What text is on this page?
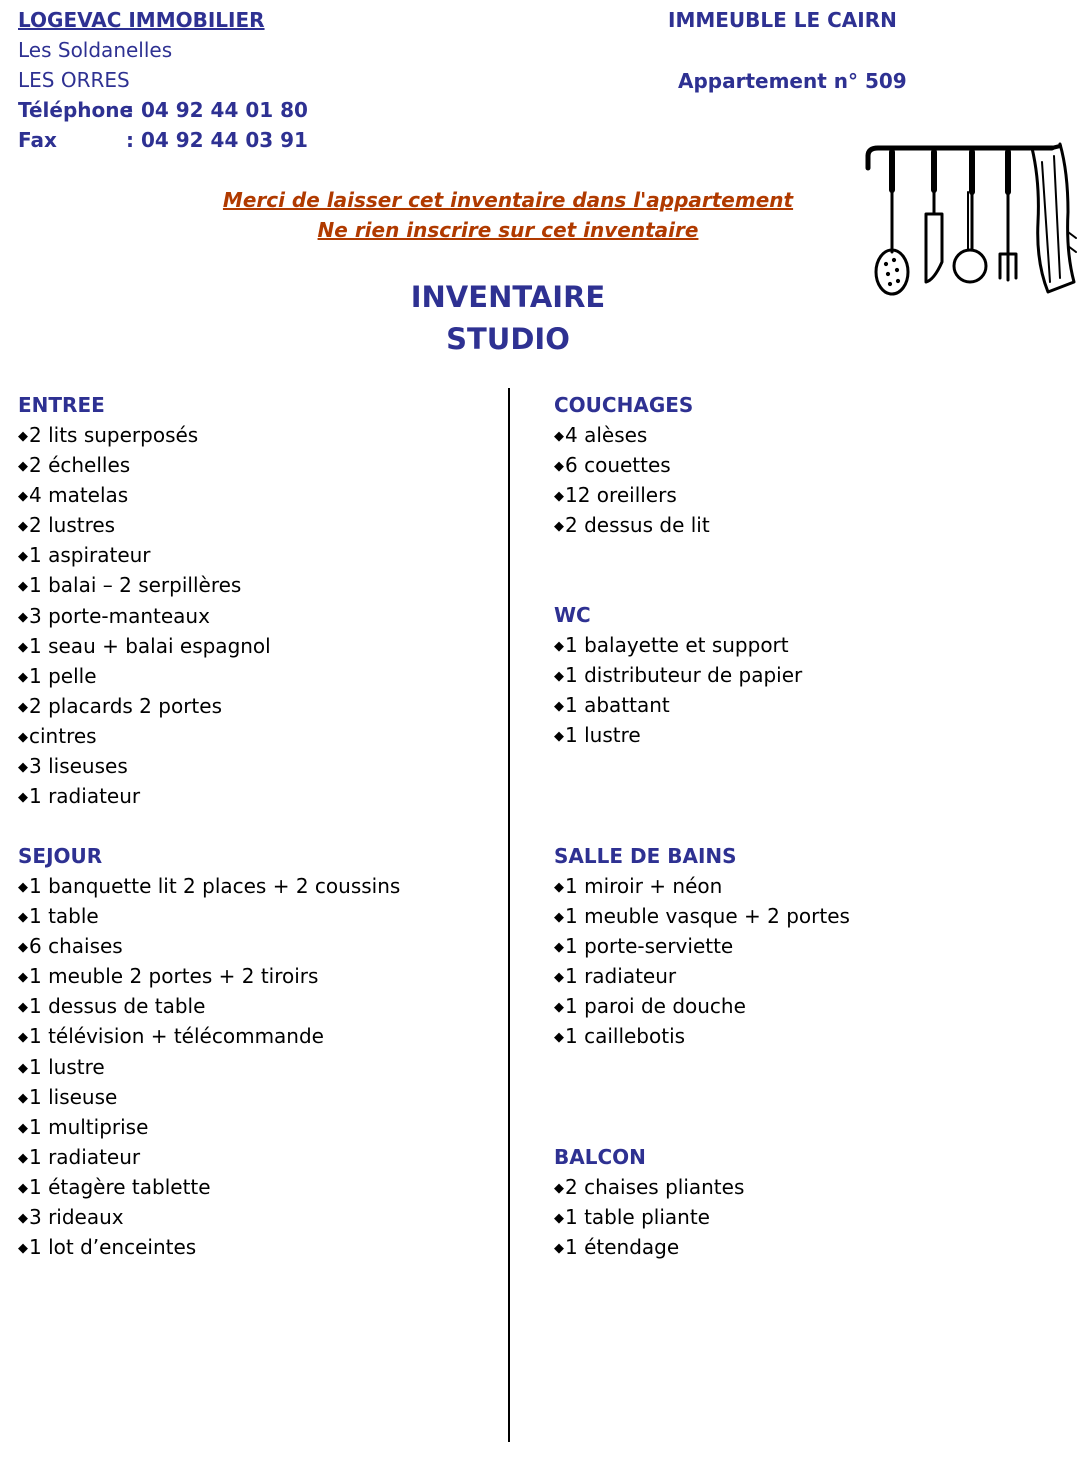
LOGEVAC IMMOBILIER
Les Soldanelles
LES ORRES
Téléphone: 04 92 44 01 80
Fax	: 04 92 44 03 91
IMMEUBLE LE CAIRN
Appartement n° 509
Merci de laisser cet inventaire dans l'appartement
Ne rien inscrire sur cet inventaire
INVENTAIRE
STUDIO
ENTREE
◆2 lits superposés
◆2 échelles
◆4 matelas
◆2 lustres
◆1 aspirateur
◆1 balai – 2 serpillères
◆3 porte-manteaux
◆1 seau + balai espagnol
◆1 pelle
◆2 placards 2 portes
◆cintres
◆3 liseuses
◆1 radiateur
SEJOUR
◆1 banquette lit 2 places + 2 coussins
◆1 table
◆6 chaises
◆1 meuble 2 portes + 2 tiroirs
◆1 dessus de table
◆1 télévision + télécommande
◆1 lustre
◆1 liseuse
◆1 multiprise
◆1 radiateur
◆1 étagère tablette
◆3 rideaux
◆1 lot d’enceintes
COUCHAGES
◆4 alèses
◆6 couettes
◆12 oreillers
◆2 dessus de lit
WC
◆1 balayette et support
◆1 distributeur de papier
◆1 abattant
◆1 lustre
SALLE DE BAINS
◆1 miroir + néon
◆1 meuble vasque + 2 portes
◆1 porte-serviette
◆1 radiateur
◆1 paroi de douche
◆1 caillebotis
BALCON
◆2 chaises pliantes
◆1 table pliante
◆1 étendage
